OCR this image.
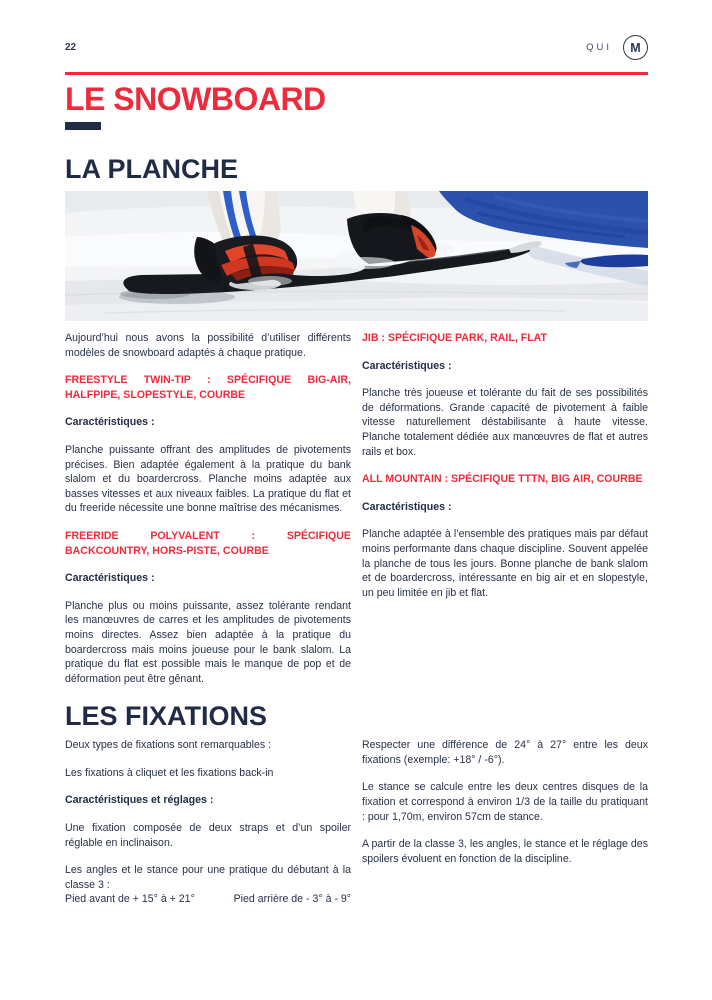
22	QUI M
LE SNOWBOARD
LA PLANCHE

Aujourd’hui nous avons la possibilité d’utiliser différents modèles de snowboard adaptés à chaque pratique.

FREESTYLE TWIN-TIP : SPÉCIFIQUE BIG-AIR, HALFPIPE, SLOPESTYLE, COURBE

Caractéristiques :

Planche puissante offrant des amplitudes de pivotements précises. Bien adaptée également à la pratique du bank slalom et du boardercross. Planche moins adaptée aux basses vitesses et aux niveaux faibles. La pratique du flat et du freeride nécessite une bonne maîtrise des mécanismes.

FREERIDE POLYVALENT : SPÉCIFIQUE BACKCOUNTRY, HORS-PISTE, COURBE

Caractéristiques :

Planche plus ou moins puissante, assez tolérante rendant les manœuvres de carres et les amplitudes de pivotements moins directes. Assez bien adaptée à la pratique du boardercross mais moins joueuse pour le bank slalom. La pratique du flat est possible mais le manque de pop et de déformation peut être gênant.

JIB : SPÉCIFIQUE PARK, RAIL, FLAT

Caractéristiques :

Planche très joueuse et tolérante du fait de ses possibilités de déformations. Grande capacité de pivotement à faible vitesse naturellement déstabilisante à haute vitesse. Planche totalement dédiée aux manœuvres de flat et autres rails et box.

ALL MOUNTAIN : SPÉCIFIQUE TTTN, BIG AIR, COURBE

Caractéristiques :

Planche adaptée à l’ensemble des pratiques mais par défaut moins performante dans chaque discipline. Souvent appelée la planche de tous les jours. Bonne planche de bank slalom et de boardercross, intéressante en big air et en slopestyle, un peu limitée en jib et flat.

LES FIXATIONS

Deux types de fixations sont remarquables :

Les fixations à cliquet et les fixations back-in

Caractéristiques et réglages :

Une fixation composée de deux straps et d’un spoiler réglable en inclinaison.

Les angles et le stance pour une pratique du débutant à la classe 3 :

Pied avant de + 15° à + 21°	Pied arrière de - 3° à - 9°

Respecter une différence de 24° à 27° entre les deux fixations (exemple: +18° / -6°).

Le stance se calcule entre les deux centres disques de la fixation et correspond à environ 1/3 de la taille du pratiquant : pour 1,70m, environ 57cm de stance.

A partir de la classe 3, les angles, le stance et le réglage des spoilers évoluent en fonction de la discipline.
